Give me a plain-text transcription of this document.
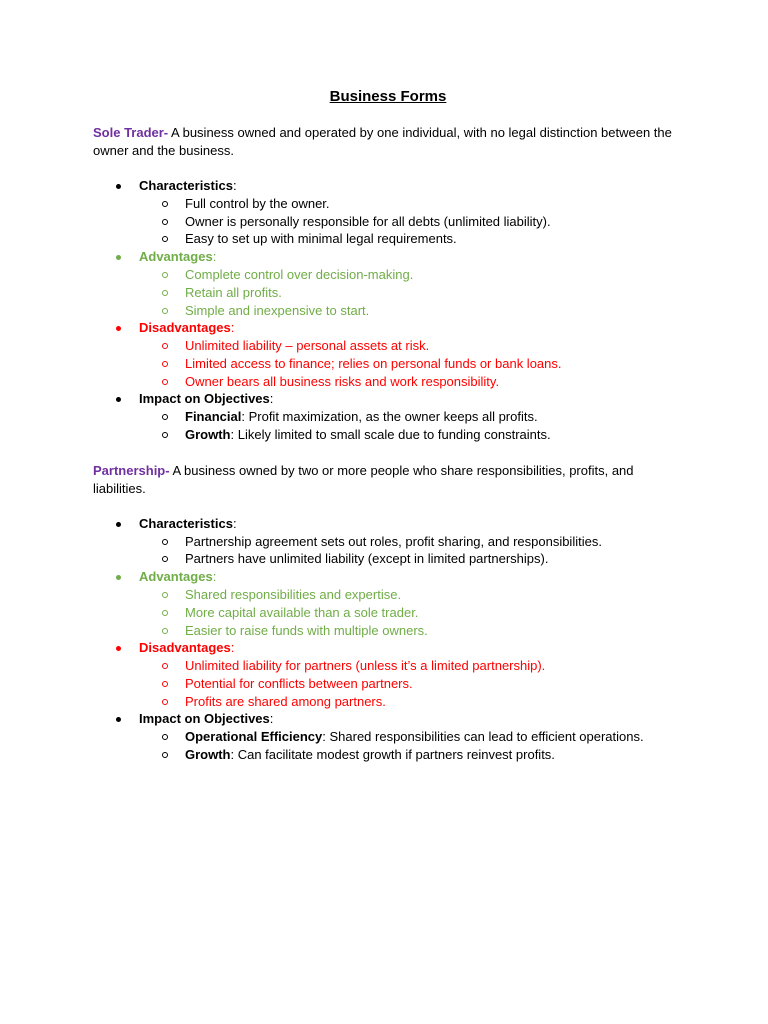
Business Forms

Sole Trader- A business owned and operated by one individual, with no legal distinction between the owner and the business.

Characteristics:
Full control by the owner.
Owner is personally responsible for all debts (unlimited liability).
Easy to set up with minimal legal requirements.
Advantages:
Complete control over decision-making.
Retain all profits.
Simple and inexpensive to start.
Disadvantages:
Unlimited liability – personal assets at risk.
Limited access to finance; relies on personal funds or bank loans.
Owner bears all business risks and work responsibility.
Impact on Objectives:
Financial: Profit maximization, as the owner keeps all profits.
Growth: Likely limited to small scale due to funding constraints.

Partnership- A business owned by two or more people who share responsibilities, profits, and liabilities.

Characteristics:
Partnership agreement sets out roles, profit sharing, and responsibilities.
Partners have unlimited liability (except in limited partnerships).
Advantages:
Shared responsibilities and expertise.
More capital available than a sole trader.
Easier to raise funds with multiple owners.
Disadvantages:
Unlimited liability for partners (unless it’s a limited partnership).
Potential for conflicts between partners.
Profits are shared among partners.
Impact on Objectives:
Operational Efficiency: Shared responsibilities can lead to efficient operations.
Growth: Can facilitate modest growth if partners reinvest profits.
